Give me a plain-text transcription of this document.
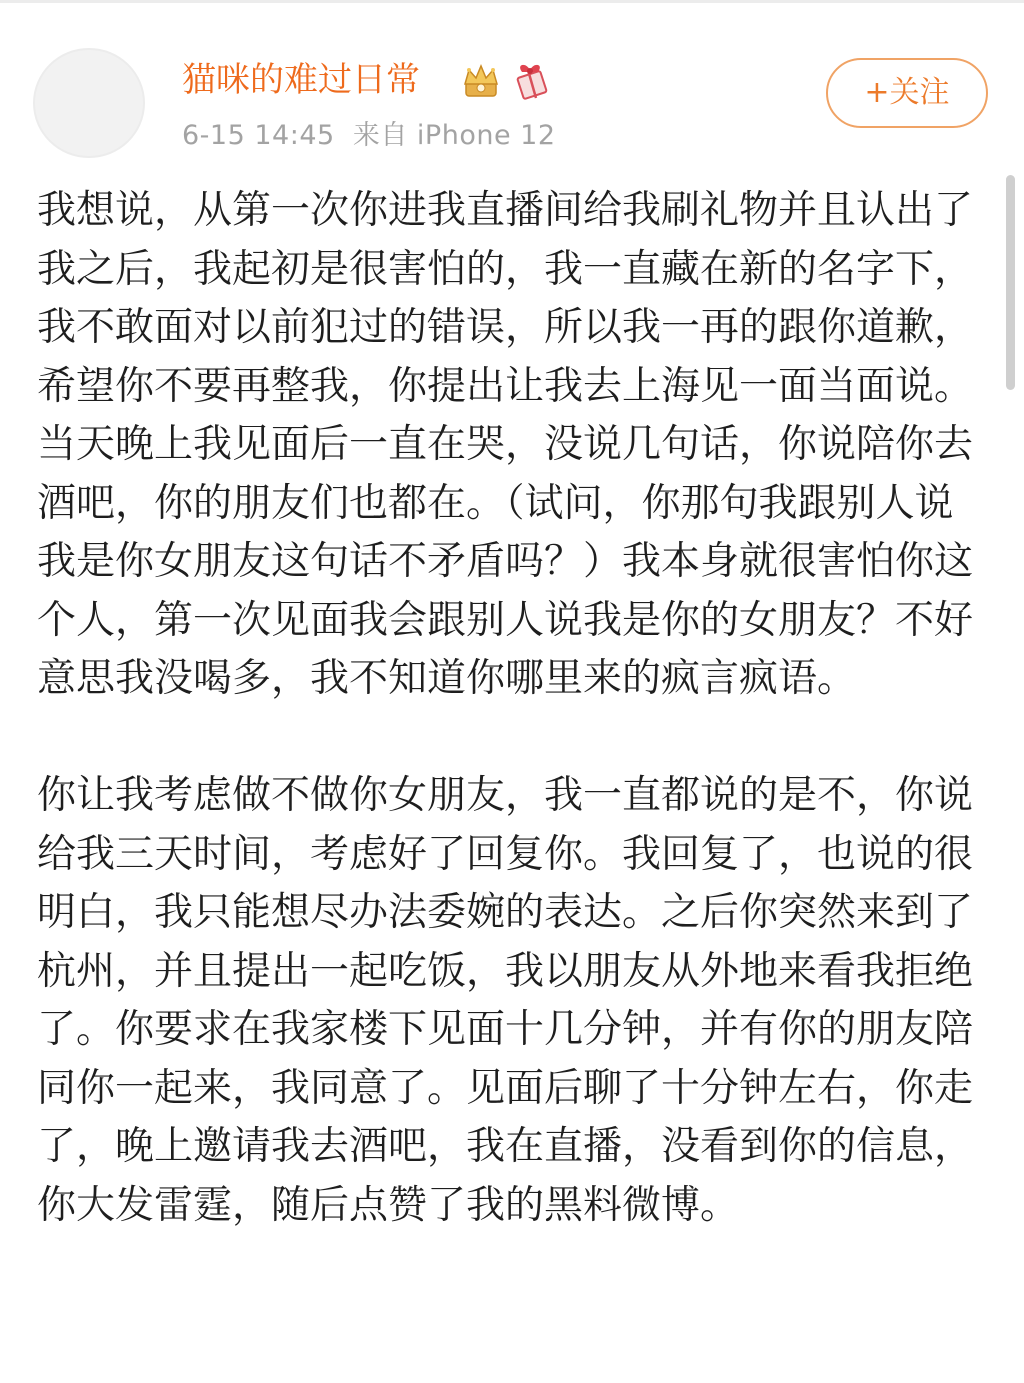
猫咪的难过日常
6-15 14:45 来自 iPhone 12
+关注

我想说，从第一次你进我直播间给我刷礼物并且认出了我之后，我起初是很害怕的，我一直藏在新的名字下，我不敢面对以前犯过的错误，所以我一再的跟你道歉，希望你不要再整我，你提出让我去上海见一面当面说。当天晚上我见面后一直在哭，没说几句话，你说陪你去酒吧，你的朋友们也都在。（试问，你那句我跟别人说我是你女朋友这句话不矛盾吗？）我本身就很害怕你这个人，第一次见面我会跟别人说我是你的女朋友？不好意思我没喝多，我不知道你哪里来的疯言疯语。

你让我考虑做不做你女朋友，我一直都说的是不，你说给我三天时间，考虑好了回复你。我回复了，也说的很明白，我只能想尽办法委婉的表达。之后你突然来到了杭州，并且提出一起吃饭，我以朋友从外地来看我拒绝了。你要求在我家楼下见面十几分钟，并有你的朋友陪同你一起来，我同意了。见面后聊了十分钟左右，你走了，晚上邀请我去酒吧，我在直播，没看到你的信息，你大发雷霆，随后点赞了我的黑料微博。
